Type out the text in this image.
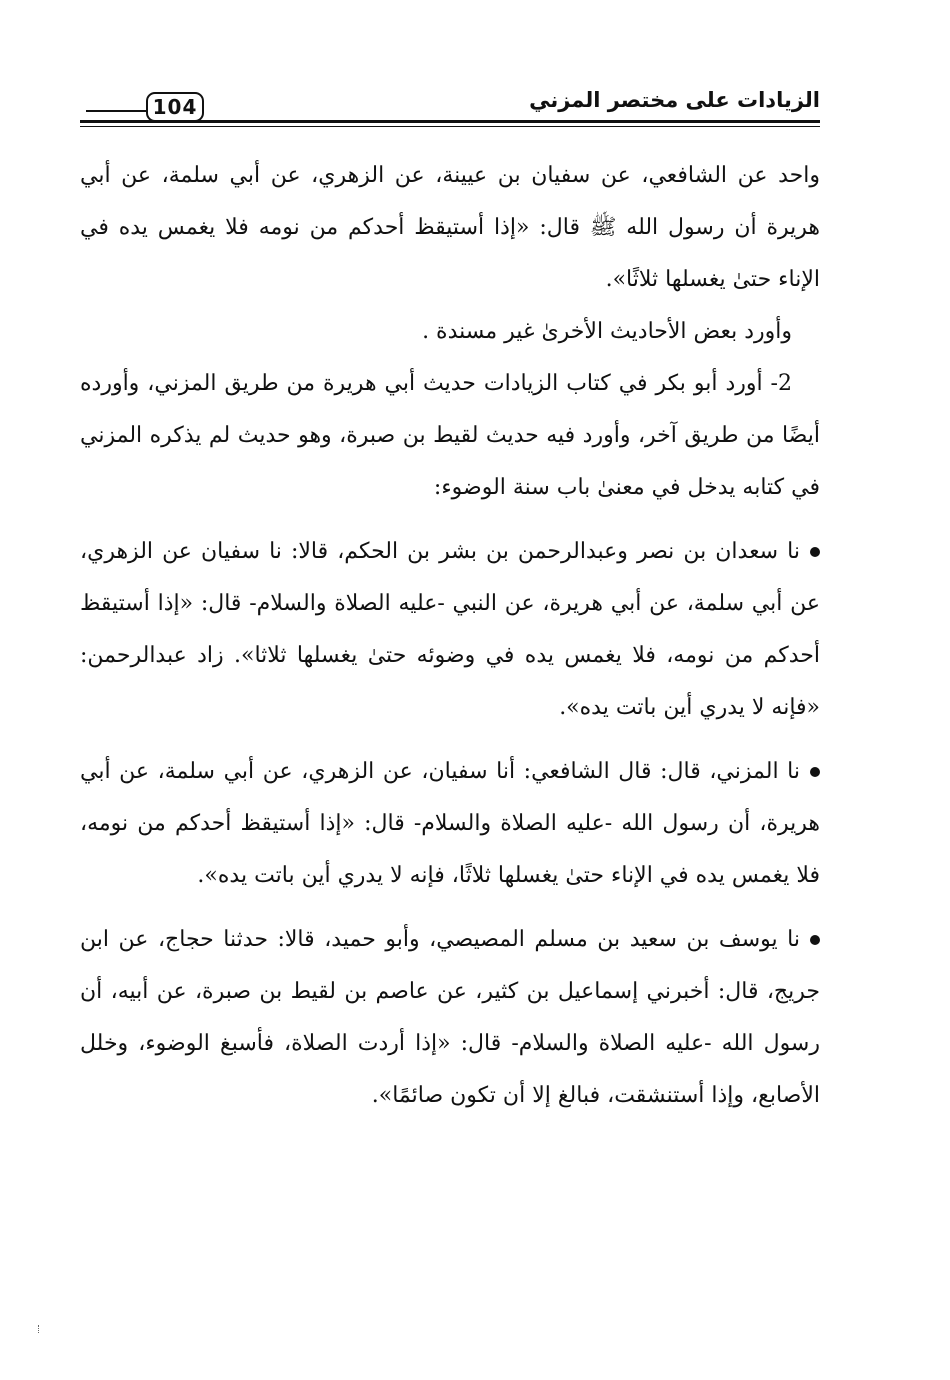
104	الزيادات على مختصر المزني

واحد عن الشافعي، عن سفيان بن عيينة، عن الزهري، عن أبي سلمة، عن أبي هريرة أن رسول الله ﷺ قال: «إذا أستيقظ أحدكم من نومه فلا يغمس يده في الإناء حتىٰ يغسلها ثلاثًا».

وأورد بعض الأحاديث الأخرىٰ غير مسندة .

2- أورد أبو بكر في كتاب الزيادات حديث أبي هريرة من طريق المزني، وأورده أيضًا من طريق آخر، وأورد فيه حديث لقيط بن صبرة، وهو حديث لم يذكره المزني في كتابه يدخل في معنىٰ باب سنة الوضوء:

نا سعدان بن نصر وعبدالرحمن بن بشر بن الحكم، قالا: نا سفيان عن الزهري، عن أبي سلمة، عن أبي هريرة، عن النبي -عليه الصلاة والسلام- قال: «إذا أستيقظ أحدكم من نومه، فلا يغمس يده في وضوئه حتىٰ يغسلها ثلاثا». زاد عبدالرحمن: «فإنه لا يدري أين باتت يده».

نا المزني، قال: قال الشافعي: أنا سفيان، عن الزهري، عن أبي سلمة، عن أبي هريرة، أن رسول الله -عليه الصلاة والسلام- قال: «إذا أستيقظ أحدكم من نومه، فلا يغمس يده في الإناء حتىٰ يغسلها ثلاثًا، فإنه لا يدري أين باتت يده».

نا يوسف بن سعيد بن مسلم المصيصي، وأبو حميد، قالا: حدثنا حجاج، عن ابن جريج، قال: أخبرني إسماعيل بن كثير، عن عاصم بن لقيط بن صبرة، عن أبيه، أن رسول الله -عليه الصلاة والسلام- قال: «إذا أردت الصلاة، فأسبغ الوضوء، وخلل الأصابع، وإذا أستنشقت، فبالغ إلا أن تكون صائمًا».
